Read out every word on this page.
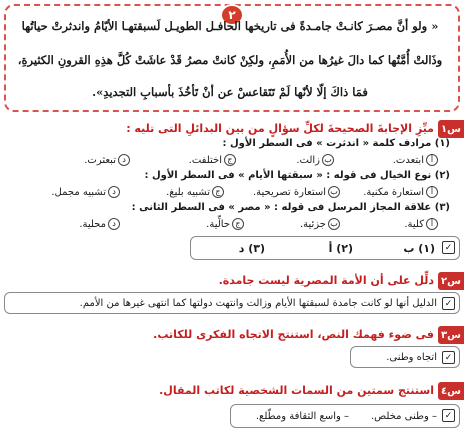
٢

« ولو أنَّ مصـرَ كانـتْ جامـدةً فى تاريخها الحافـل الطويـل لَسبقتهـا الأيّامُ واندثرتْ حياتُها

وذَالتْ أُمَّتُها كما دالَ غيرُها من الأُمَمِ، ولكِنْ كانتْ مصرُ قَدْ عاشَتْ كُلَّ هذِهِ القرونِ الكثيرةِ،

فمَا ذاكَ إلّا لأنّها لَمْ تَتَقاعسْ عن أنْ تَأخُذَ بأسبابِ التجديدِ».

س١
ميِّزِ الإجابةَ الصحيحةَ لكلِّ سؤالٍ من بين البدائلِ التى تليه :
(١) مرادف كلمة « اندثرت » فى السطر الأول :
أابتعدت.
بزالت.
جاختلفت.
دتبعثرت.
(٢) نوع الخيال فى قوله : « سبقتها الأيام » فى السطر الأول :
أاستعارة مكنية.
باستعارة تصريحية.
جتشبيه بليغ.
دتشبيه مجمل.
(٣) علاقة المجاز المرسل فى قوله : « مصر » فى السطر الثانى :
أكلية.
بجزئية.
جحالِّية.
دمحلية.
✓
(١) ب
(٢) أ
(٣) د
س٢
دلِّل على أن الأمة المصرية ليست جامدة.
✓
الدليل أنها لو كانت جامدة لسبقتها الأيام وزالت وانتهت دولتها كما انتهى غيرها من الأمم.
س٣
فى ضوء فهمك النص، استنتج الاتجاه الفكرى للكاتب.
✓
اتجاه وطنى.
س٤
استنتج سمتين من السمات الشخصية لكاتب المقال.
✓
– وطنى مخلص.
– واسع الثقافة ومطّلع.
